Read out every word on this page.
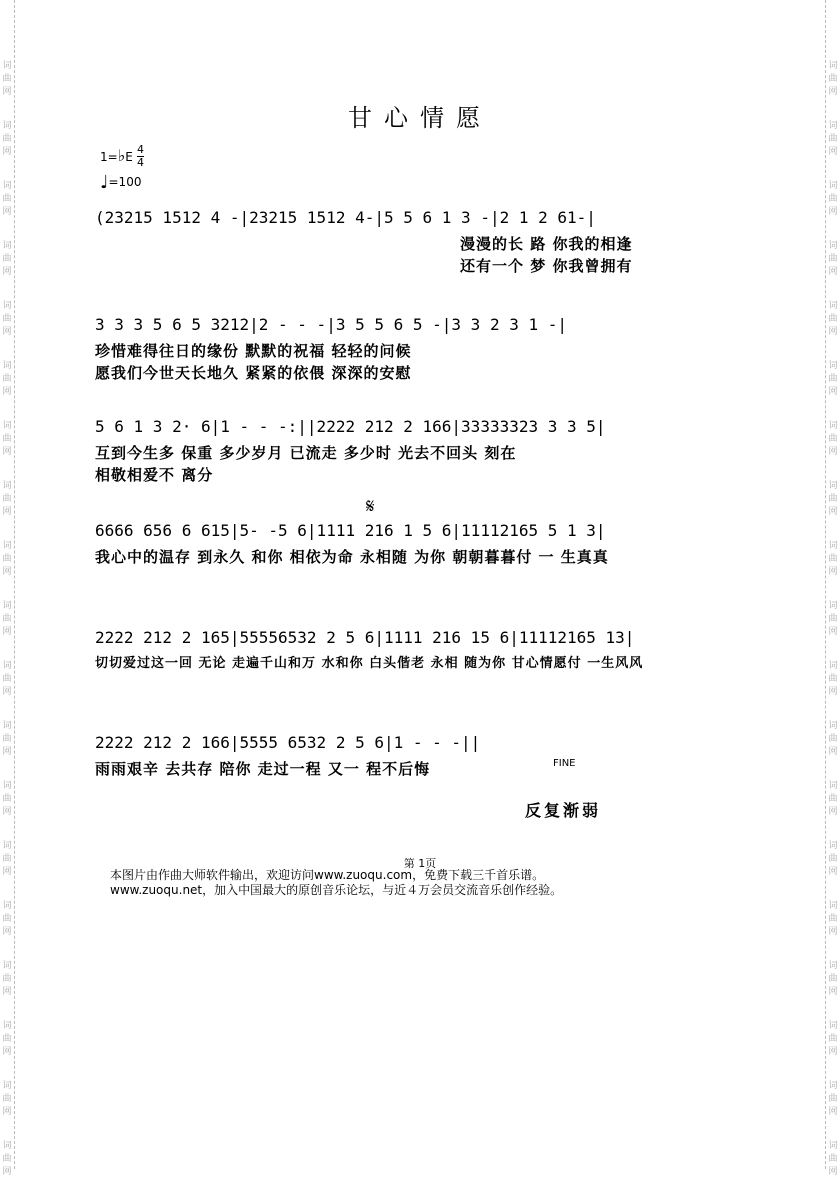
词
曲
网
词
曲
网
词
曲
网
词
曲
网
词
曲
网
词
曲
网
词
曲
网
词
曲
网
词
曲
网
词
曲
网
词
曲
网
词
曲
网
词
曲
网
词
曲
网
词
曲
网
词
曲
网
词
曲
网
词
曲
网
词
曲
网
词
曲
网
词
曲
网
词
曲
网
词
曲
网
词
曲
网
词
曲
网
词
曲
网
词
曲
网
词
曲
网
词
曲
网
词
曲
网
词
曲
网
词
曲
网
词
曲
网
词
曲
网
词
曲
网
词
曲
网
词
曲
网
词
曲
网
甘心情愿
1=♭E
4
4
♩=100
(23215 1512 4 -|23215 1512 4-|5 5 6 1 3 -|2 1 2 61-|
漫漫的长 路 你我的相逢
还有一个 梦 你我曾拥有
3 3 3 5 6 5 3212|2 - - -|3 5 5 6 5 -|3 3 2 3 1 -|
珍惜难得往日的缘份 默默的祝福 轻轻的问候
愿我们今世天长地久 紧紧的依偎 深深的安慰
5 6 1 3 2· 6|1 - - -:||2222 212 2 166|33333323 3 3 5|
互到今生多 保重 多少岁月 已流走 多少时 光去不回头 刻在
相敬相爱不 离分
𝄋
6666 656 6 615|5- -5 6|1111 216 1 5 6|11112165 5 1 3|
我心中的温存 到永久 和你 相依为命 永相随 为你 朝朝暮暮付 一 生真真
2222 212 2 165|55556532 2 5 6|1111 216 15 6|11112165 13|
切切爱过这一回 无论 走遍千山和万 水和你 白头偕老 永相 随为你 甘心情愿付 一生风风
2222 212 2 166|5555 6532 2 5 6|1 - - -||
雨雨艰辛 去共存 陪你 走过一程 又一 程不后悔	FINE
反复渐弱
第 1页
本图片由作曲大师软件输出，欢迎访问www.zuoqu.com，免费下载三千首乐谱。
www.zuoqu.net，加入中国最大的原创音乐论坛，与近４万会员交流音乐创作经验。
